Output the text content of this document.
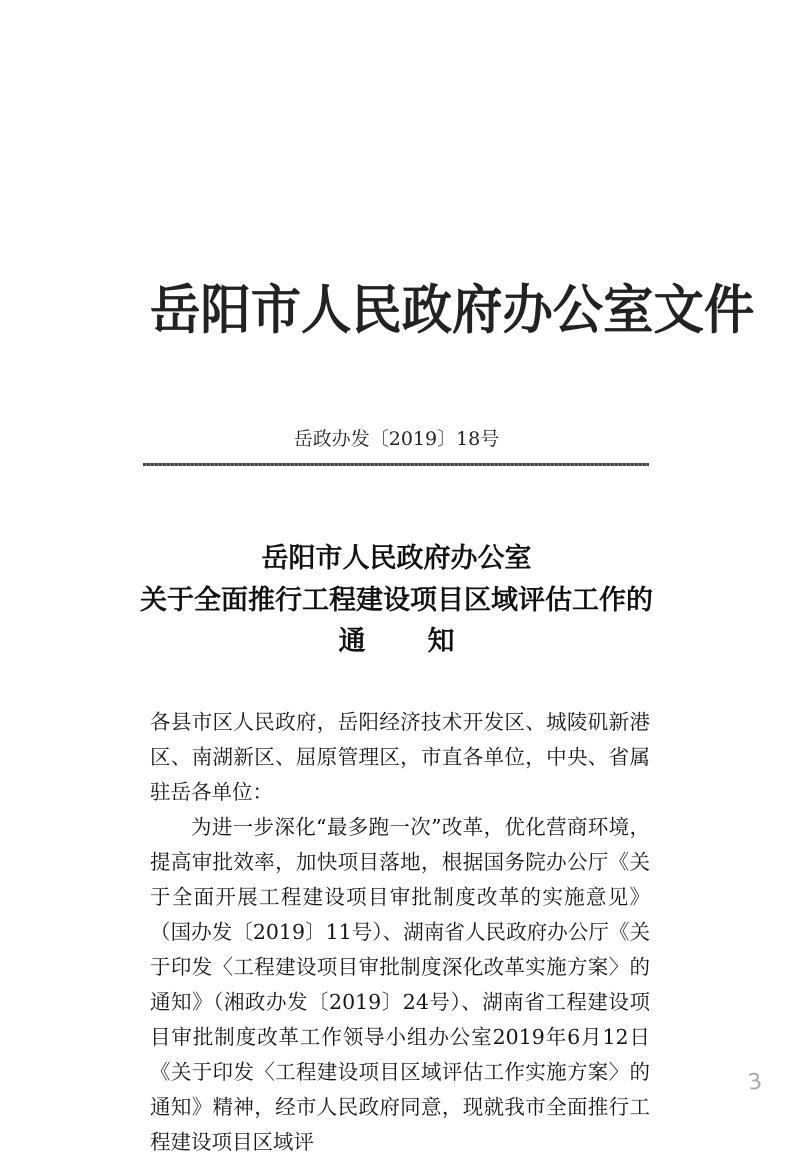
岳阳市人民政府办公室文件
岳政办发〔2019〕18号
岳阳市人民政府办公室
关于全面推行工程建设项目区域评估工作的
通知

各县市区人民政府，岳阳经济技术开发区、城陵矶新港区、南湖新区、屈原管理区，市直各单位，中央、省属驻岳各单位：

为进一步深化“最多跑一次”改革，优化营商环境，提高审批效率，加快项目落地，根据国务院办公厅《关于全面开展工程建设项目审批制度改革的实施意见》（国办发〔2019〕11号）、湖南省人民政府办公厅《关于印发〈工程建设项目审批制度深化改革实施方案〉的通知》（湘政办发〔2019〕24号）、湖南省工程建设项目审批制度改革工作领导小组办公室2019年6月12日《关于印发〈工程建设项目区域评估工作实施方案〉的通知》精神，经市人民政府同意，现就我市全面推行工程建设项目区域评

3
